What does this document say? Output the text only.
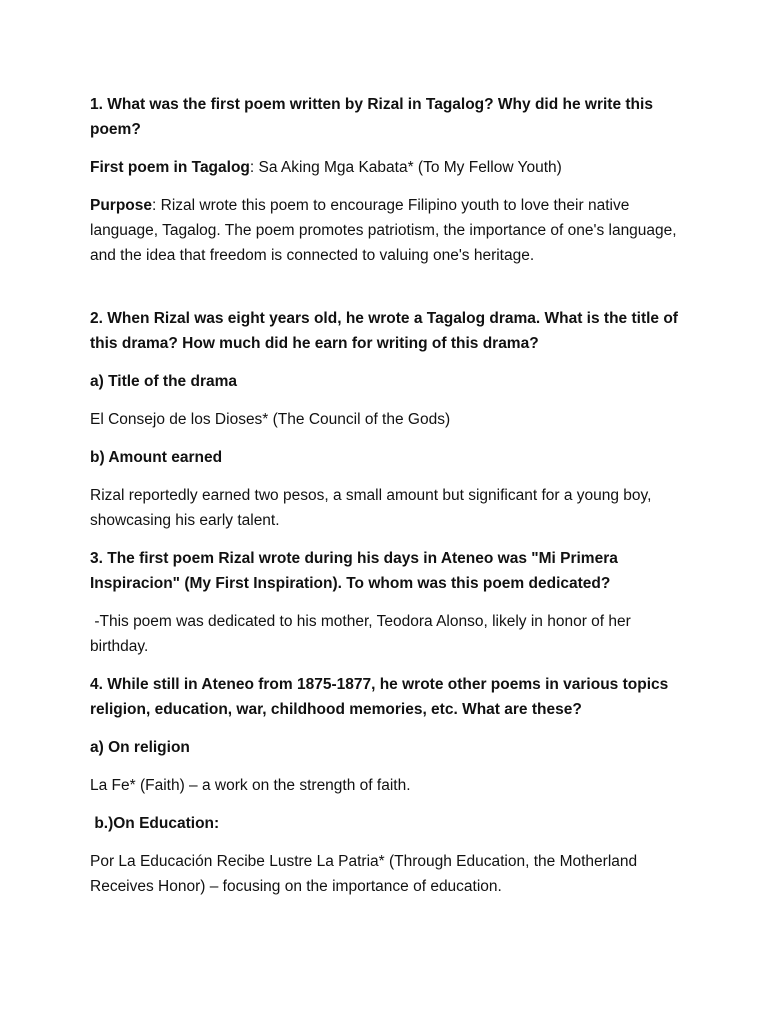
1. What was the first poem written by Rizal in Tagalog? Why did he write this poem?

First poem in Tagalog: Sa Aking Mga Kabata* (To My Fellow Youth)

Purpose: Rizal wrote this poem to encourage Filipino youth to love their native language, Tagalog. The poem promotes patriotism, the importance of one's language, and the idea that freedom is connected to valuing one's heritage.

2. When Rizal was eight years old, he wrote a Tagalog drama. What is the title of this drama? How much did he earn for writing of this drama?

a) Title of the drama

El Consejo de los Dioses* (The Council of the Gods)

b) Amount earned

Rizal reportedly earned two pesos, a small amount but significant for a young boy, showcasing his early talent.

3. The first poem Rizal wrote during his days in Ateneo was "Mi Primera Inspiracion" (My First Inspiration). To whom was this poem dedicated?

-This poem was dedicated to his mother, Teodora Alonso, likely in honor of her birthday.

4. While still in Ateneo from 1875-1877, he wrote other poems in various topics religion, education, war, childhood memories, etc. What are these?

a) On religion

La Fe* (Faith) – a work on the strength of faith.

b.)On Education:

Por La Educación Recibe Lustre La Patria* (Through Education, the Motherland Receives Honor) – focusing on the importance of education.
